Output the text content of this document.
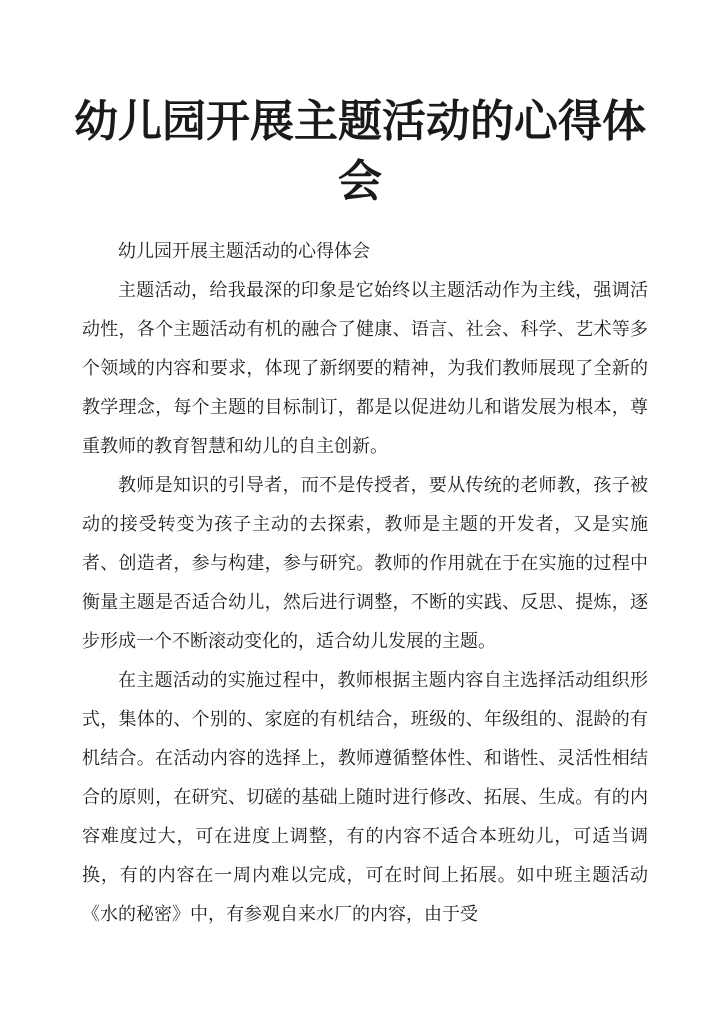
幼儿园开展主题活动的心得体会

幼儿园开展主题活动的心得体会

主题活动，给我最深的印象是它始终以主题活动作为主线，强调活动性，各个主题活动有机的融合了健康、语言、社会、科学、艺术等多个领域的内容和要求，体现了新纲要的精神，为我们教师展现了全新的教学理念，每个主题的目标制订，都是以促进幼儿和谐发展为根本，尊重教师的教育智慧和幼儿的自主创新。

教师是知识的引导者，而不是传授者，要从传统的老师教，孩子被动的接受转变为孩子主动的去探索，教师是主题的开发者，又是实施者、创造者，参与构建，参与研究。教师的作用就在于在实施的过程中衡量主题是否适合幼儿，然后进行调整，不断的实践、反思、提炼，逐步形成一个不断滚动变化的，适合幼儿发展的主题。

在主题活动的实施过程中，教师根据主题内容自主选择活动组织形式，集体的、个别的、家庭的有机结合，班级的、年级组的、混龄的有机结合。在活动内容的选择上，教师遵循整体性、和谐性、灵活性相结合的原则，在研究、切磋的基础上随时进行修改、拓展、生成。有的内容难度过大，可在进度上调整，有的内容不适合本班幼儿，可适当调换，有的内容在一周内难以完成，可在时间上拓展。如中班主题活动《水的秘密》中，有参观自来水厂的内容，由于受
